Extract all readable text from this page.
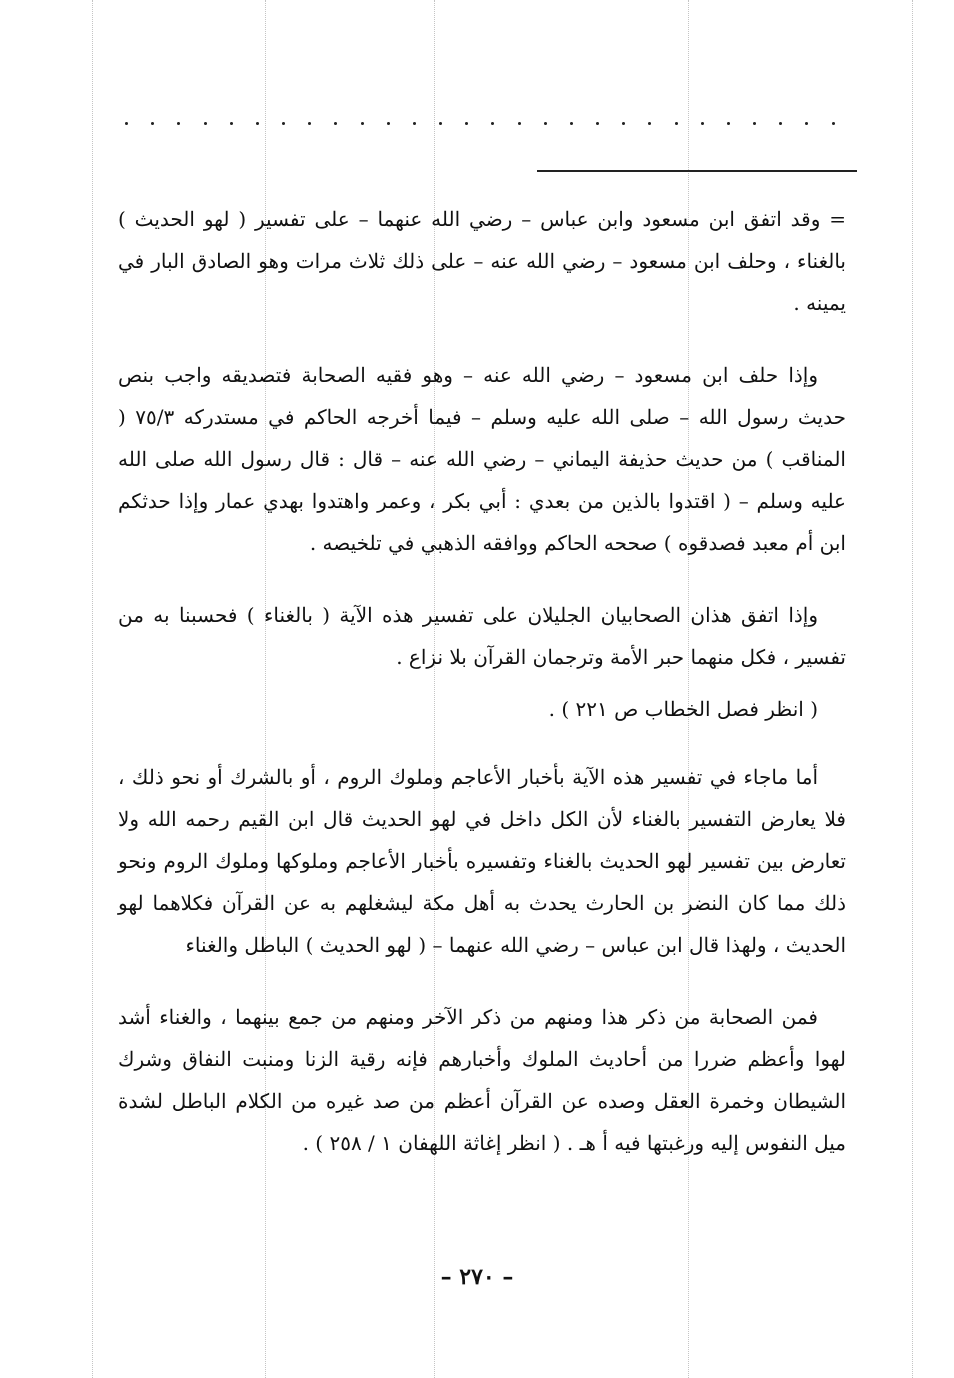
= وقد اتفق ابن مسعود وابن عباس – رضي الله عنهما – على تفسير ( لهو الحديث ) بالغناء ، وحلف ابن مسعود – رضي الله عنه – على ذلك ثلاث مرات وهو الصادق البار في يمينه .

وإذا حلف ابن مسعود – رضي الله عنه – وهو فقيه الصحابة فتصديقه واجب بنص حديث رسول الله – صلى الله عليه وسلم – فيما أخرجه الحاكم في مستدركه ٧٥/٣ ( المناقب ) من حديث حذيفة اليماني – رضي الله عنه – قال : قال رسول الله صلى الله عليه وسلم – ( اقتدوا بالذين من بعدي : أبي بكر ، وعمر واهتدوا بهدي عمار وإذا حدثكم ابن أم معبد فصدقوه ) صححه الحاكم ووافقه الذهبي في تلخيصه .

وإذا اتفق هذان الصحابيان الجليلان على تفسير هذه الآية ( بالغناء ) فحسبنا به من تفسير ، فكل منهما حبر الأمة وترجمان القرآن بلا نزاع .

( انظر فصل الخطاب ص ٢٢١ ) .

أما ماجاء في تفسير هذه الآية بأخبار الأعاجم وملوك الروم ، أو بالشرك أو نحو ذلك ، فلا يعارض التفسير بالغناء لأن الكل داخل في لهو الحديث قال ابن القيم رحمه الله ولا تعارض بين تفسير لهو الحديث بالغناء وتفسيره بأخبار الأعاجم وملوكها وملوك الروم ونحو ذلك مما كان النضر بن الحارث يحدث به أهل مكة ليشغلهم به عن القرآن فكلاهما لهو الحديث ، ولهذا قال ابن عباس – رضي الله عنهما – ( لهو الحديث ) الباطل والغناء

فمن الصحابة من ذكر هذا ومنهم من ذكر الآخر ومنهم من جمع بينهما ، والغناء أشد لهوا وأعظم ضررا من أحاديث الملوك وأخبارهم فإنه رقية الزنا ومنبت النفاق وشرك الشيطان وخمرة العقل وصده عن القرآن أعظم من صد غيره من الكلام الباطل لشدة ميل النفوس إليه ورغبتها فيه أ هـ . ( انظر إغاثة اللهفان ١ / ٢٥٨ ) .

– ٢٧٠ –
